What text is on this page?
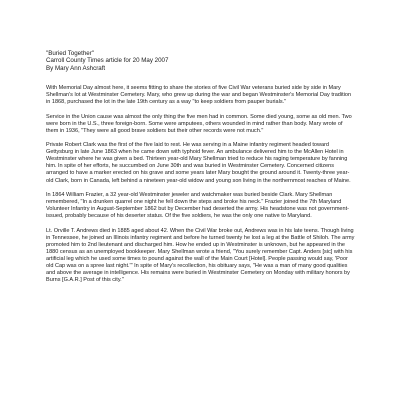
"Buried Together"

Carroll County Times article for 20 May 2007

By Mary Ann Ashcraft

With Memorial Day almost here, it seems fitting to share the stories of five Civil War veterans buried side by side in Mary Shellman's lot at Westminster Cemetery. Mary, who grew up during the war and began Westminster's Memorial Day tradition in 1868, purchased the lot in the late 19th century as a way "to keep soldiers from pauper burials."

Service in the Union cause was almost the only thing the five men had in common. Some died young, some as old men. Two were born in the U.S., three foreign-born. Some were amputees, others wounded in mind rather than body. Mary wrote of them in 1936, "They were all good brave soldiers but their other records were not much."

Private Robert Clark was the first of the five laid to rest. He was serving in a Maine infantry regiment headed toward Gettysburg in late June 1863 when he came down with typhoid fever. An ambulance delivered him to the McAllen Hotel in Westminster where he was given a bed. Thirteen year-old Mary Shellman tried to reduce his raging temperature by fanning him. In spite of her efforts, he succumbed on June 30th and was buried in Westminster Cemetery. Concerned citizens arranged to have a marker erected on his grave and some years later Mary bought the ground around it. Twenty-three year-old Clark, born in Canada, left behind a nineteen year-old widow and young son living in the northernmost reaches of Maine.

In 1864 William Frazier, a 32 year-old Westminster jeweler and watchmaker was buried beside Clark. Mary Shellman remembered, "In a drunken quarrel one night he fell down the steps and broke his neck." Frazier joined the 7th Maryland Volunteer Infantry in August-September 1862 but by December had deserted the army. His headstone was not government-issued, probably because of his deserter status. Of the five soldiers, he was the only one native to Maryland.

Lt. Orville T. Andrews died in 1885 aged about 42. When the Civil War broke out, Andrews was in his late teens. Though living in Tennessee, he joined an Illinois infantry regiment and before he turned twenty he lost a leg at the Battle of Shiloh. The army promoted him to 2nd lieutenant and discharged him. How he ended up in Westminster is unknown, but he appeared in the 1880 census as an unemployed bookkeeper. Mary Shellman wrote a friend, "You surely remember Capt. Anders [sic] with his artificial leg which he used some times to pound against the wall of the Main Court [Hotel]. People passing would say, 'Poor old Cap was on a spree last night.'" In spite of Mary's recollection, his obituary says, "He was a man of many good qualities and above the average in intelligence. His remains were buried in Westminster Cemetery on Monday with military honors by Burns [G.A.R.] Post of this city."
